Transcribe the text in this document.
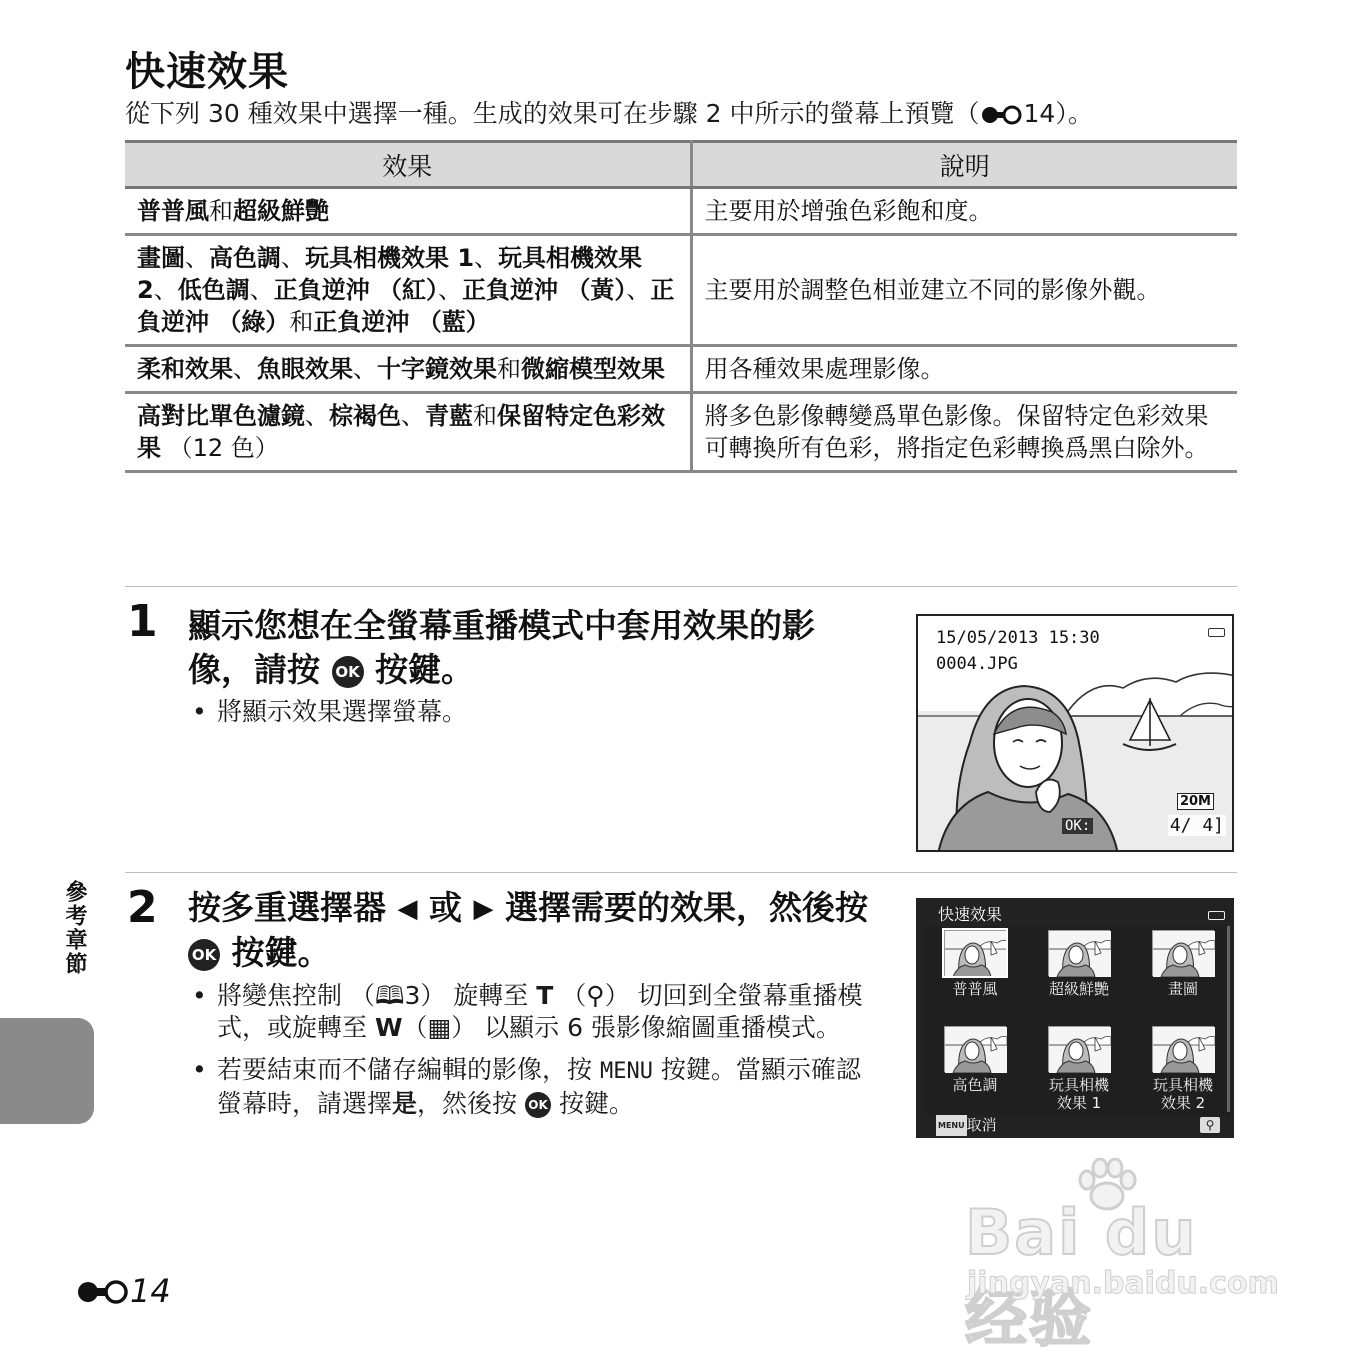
快速效果
從下列 30 種效果中選擇一種。生成的效果可在步驟 2 中所示的螢幕上預覽（ 14）。
效果	說明
普普風和超級鮮艷	主要用於增強色彩飽和度。
畫圖、高色調、玩具相機效果 1、玩具相機效果 2、低色調、正負逆沖 （紅）、正負逆沖 （黃）、正負逆沖 （綠）和正負逆沖 （藍）	主要用於調整色相並建立不同的影像外觀。
柔和效果、魚眼效果、十字鏡效果和微縮模型效果	用各種效果處理影像。
高對比單色濾鏡、棕褐色、青藍和保留特定色彩效果 （12 色）	將多色影像轉變爲單色影像。保留特定色彩效果可轉換所有色彩，將指定色彩轉換爲黑白除外。
1 顯示您想在全螢幕重播模式中套用效果的影像，請按 OK 按鍵。
• 將顯示效果選擇螢幕。
15/05/2013 15:30
0004.JPG
20M
OK:	4/ 4]
2 按多重選擇器 ◀ 或 ▶ 選擇需要的效果，然後按 OK 按鍵。
• 將變焦控制 （🕮3） 旋轉至 T （⚲） 切回到全螢幕重播模式，或旋轉至 W（▦） 以顯示 6 張影像縮圖重播模式。
• 若要結束而不儲存編輯的影像，按 MENU 按鍵。當顯示確認螢幕時，請選擇是，然後按 OK 按鍵。
快速效果
普普風	超級鮮艷	畫圖
高色調	玩具相機
效果 1
玩具相機
效果 2
MENU 取消	⚲
參考章節
14
Bai du 经验
jingyan.baidu.com
